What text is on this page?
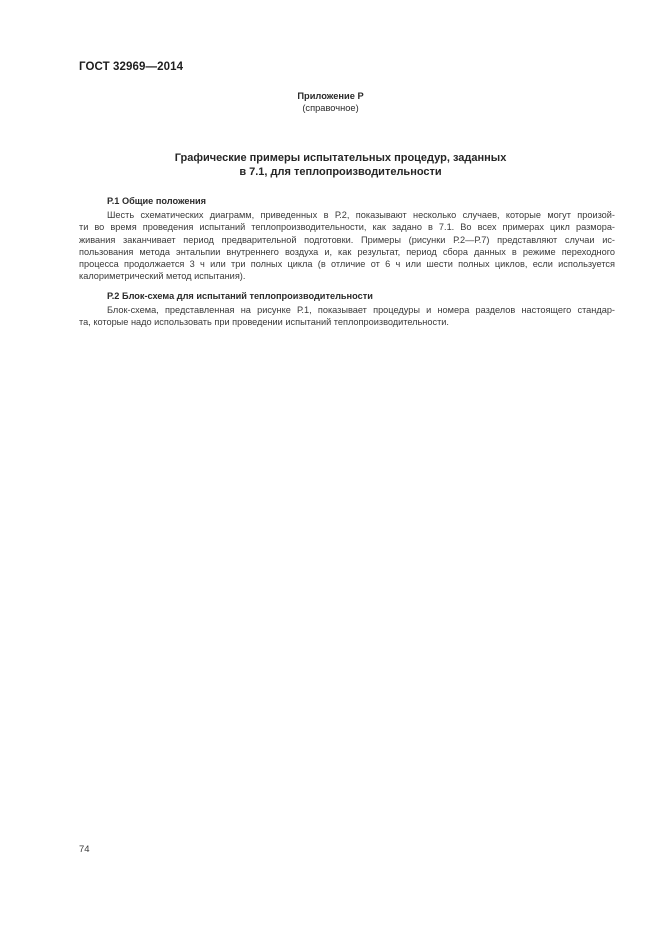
ГОСТ 32969—2014
Приложение Р
(справочное)
Графические примеры испытательных процедур, заданных
в 7.1, для теплопроизводительности
Р.1 Общие положения
Шесть схематических диаграмм, приведенных в Р.2, показывают несколько случаев, которые могут произой-
ти во время проведения испытаний теплопроизводительности, как задано в 7.1. Во всех примерах цикл размора-
живания заканчивает период предварительной подготовки. Примеры (рисунки Р.2—Р.7) представляют случаи ис-
пользования метода энтальпии внутреннего воздуха и, как результат, период сбора данных в режиме переходного
процесса продолжается 3 ч или три полных цикла (в отличие от 6 ч или шести полных циклов, если используется
калориметрический метод испытания).
Р.2 Блок-схема для испытаний теплопроизводительности
Блок-схема, представленная на рисунке Р.1, показывает процедуры и номера разделов настоящего стандар-
та, которые надо использовать при проведении испытаний теплопроизводительности.
74
